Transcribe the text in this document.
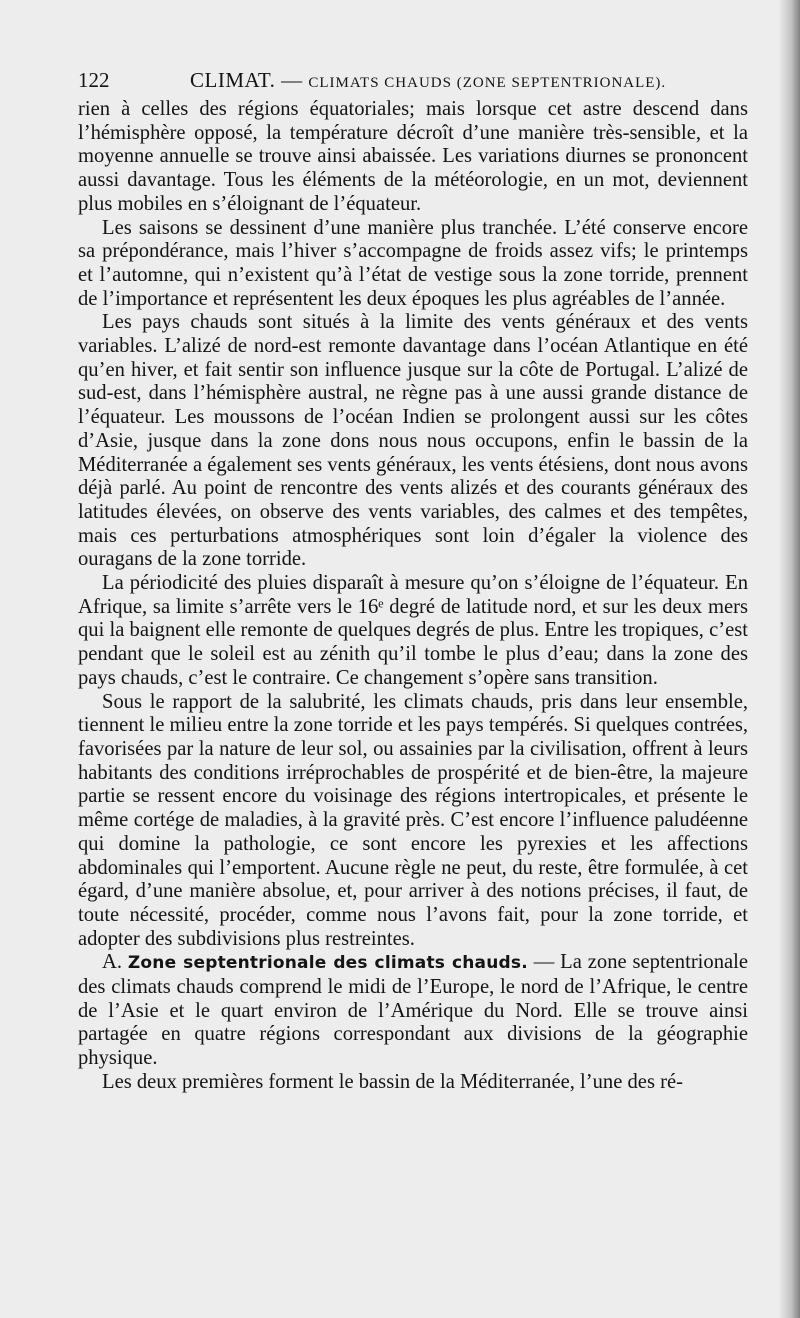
122	CLIMAT. — CLIMATS CHAUDS (ZONE SEPTENTRIONALE).

rien à celles des régions équatoriales; mais lorsque cet astre descend dans l’hémisphère opposé, la température décroît d’une manière très-sensible, et la moyenne annuelle se trouve ainsi abaissée. Les variations diurnes se prononcent aussi davantage. Tous les éléments de la météorologie, en un mot, deviennent plus mobiles en s’éloignant de l’équateur.

Les saisons se dessinent d’une manière plus tranchée. L’été conserve encore sa prépondérance, mais l’hiver s’accompagne de froids assez vifs; le printemps et l’automne, qui n’existent qu’à l’état de vestige sous la zone torride, prennent de l’importance et représentent les deux époques les plus agréables de l’année.

Les pays chauds sont situés à la limite des vents généraux et des vents variables. L’alizé de nord-est remonte davantage dans l’océan Atlantique en été qu’en hiver, et fait sentir son influence jusque sur la côte de Portugal. L’alizé de sud-est, dans l’hémisphère austral, ne règne pas à une aussi grande distance de l’équateur. Les moussons de l’océan Indien se prolongent aussi sur les côtes d’Asie, jusque dans la zone dons nous nous occupons, enfin le bassin de la Méditerranée a également ses vents généraux, les vents étésiens, dont nous avons déjà parlé. Au point de rencontre des vents alizés et des courants généraux des latitudes élevées, on observe des vents variables, des calmes et des tempêtes, mais ces perturbations atmosphériques sont loin d’égaler la violence des ouragans de la zone torride.

La périodicité des pluies disparaît à mesure qu’on s’éloigne de l’équateur. En Afrique, sa limite s’arrête vers le 16ᵉ degré de latitude nord, et sur les deux mers qui la baignent elle remonte de quelques degrés de plus. Entre les tropiques, c’est pendant que le soleil est au zénith qu’il tombe le plus d’eau; dans la zone des pays chauds, c’est le contraire. Ce changement s’opère sans transition.

Sous le rapport de la salubrité, les climats chauds, pris dans leur ensemble, tiennent le milieu entre la zone torride et les pays tempérés. Si quelques contrées, favorisées par la nature de leur sol, ou assainies par la civilisation, offrent à leurs habitants des conditions irréprochables de prospérité et de bien-être, la majeure partie se ressent encore du voisinage des régions intertropicales, et présente le même cortége de maladies, à la gravité près. C’est encore l’influence paludéenne qui domine la pathologie, ce sont encore les pyrexies et les affections abdominales qui l’emportent. Aucune règle ne peut, du reste, être formulée, à cet égard, d’une manière absolue, et, pour arriver à des notions précises, il faut, de toute nécessité, procéder, comme nous l’avons fait, pour la zone torride, et adopter des subdivisions plus restreintes.

A. Zone septentrionale des climats chauds. — La zone septentrionale des climats chauds comprend le midi de l’Europe, le nord de l’Afrique, le centre de l’Asie et le quart environ de l’Amérique du Nord. Elle se trouve ainsi partagée en quatre régions correspondant aux divisions de la géographie physique.

Les deux premières forment le bassin de la Méditerranée, l’une des ré-
